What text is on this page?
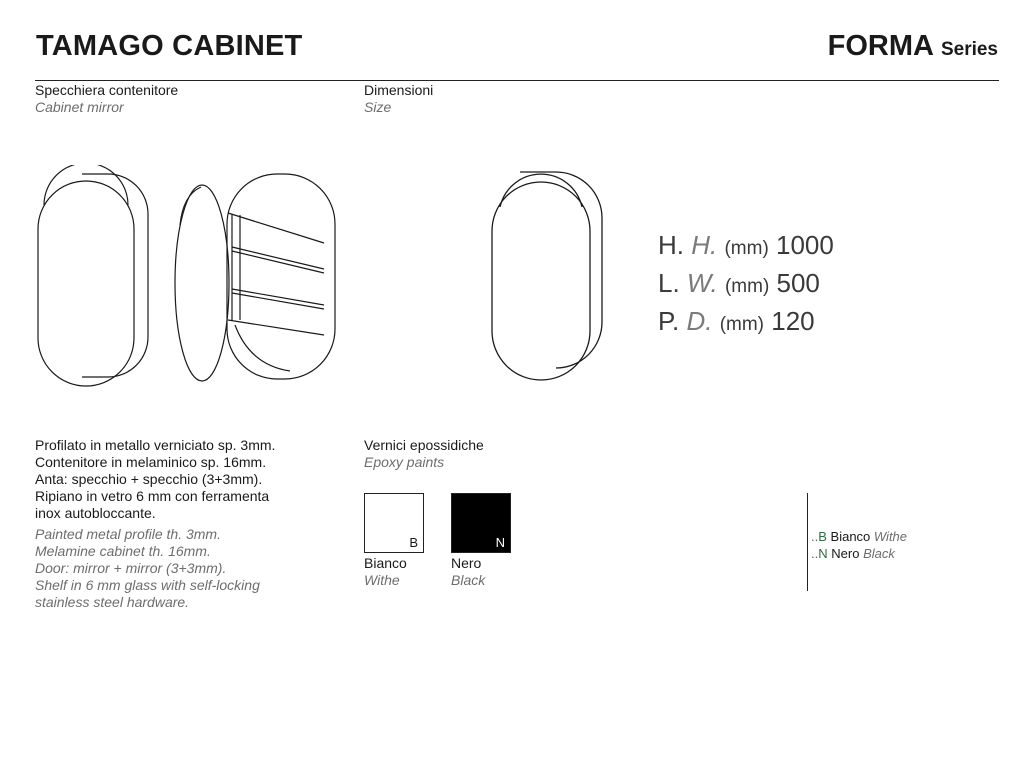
TAMAGO CABINET	FORMA Series
Specchiera contenitore
Cabinet mirror
Dimensioni
Size
H. H. (mm) 1000
L. W. (mm) 500
P. D. (mm) 120
Profilato in metallo verniciato sp. 3mm.
Contenitore in melaminico sp. 16mm.
Anta: specchio + specchio (3+3mm).
Ripiano in vetro 6 mm con ferramenta
inox autobloccante.
Painted metal profile th. 3mm.
Melamine cabinet th. 16mm.
Door: mirror + mirror (3+3mm).
Shelf in 6 mm glass with self-locking
stainless steel hardware.
Vernici epossidiche
Epoxy paints
B
Bianco
Withe
N
Nero
Black
..B Bianco Withe
..N Nero Black
